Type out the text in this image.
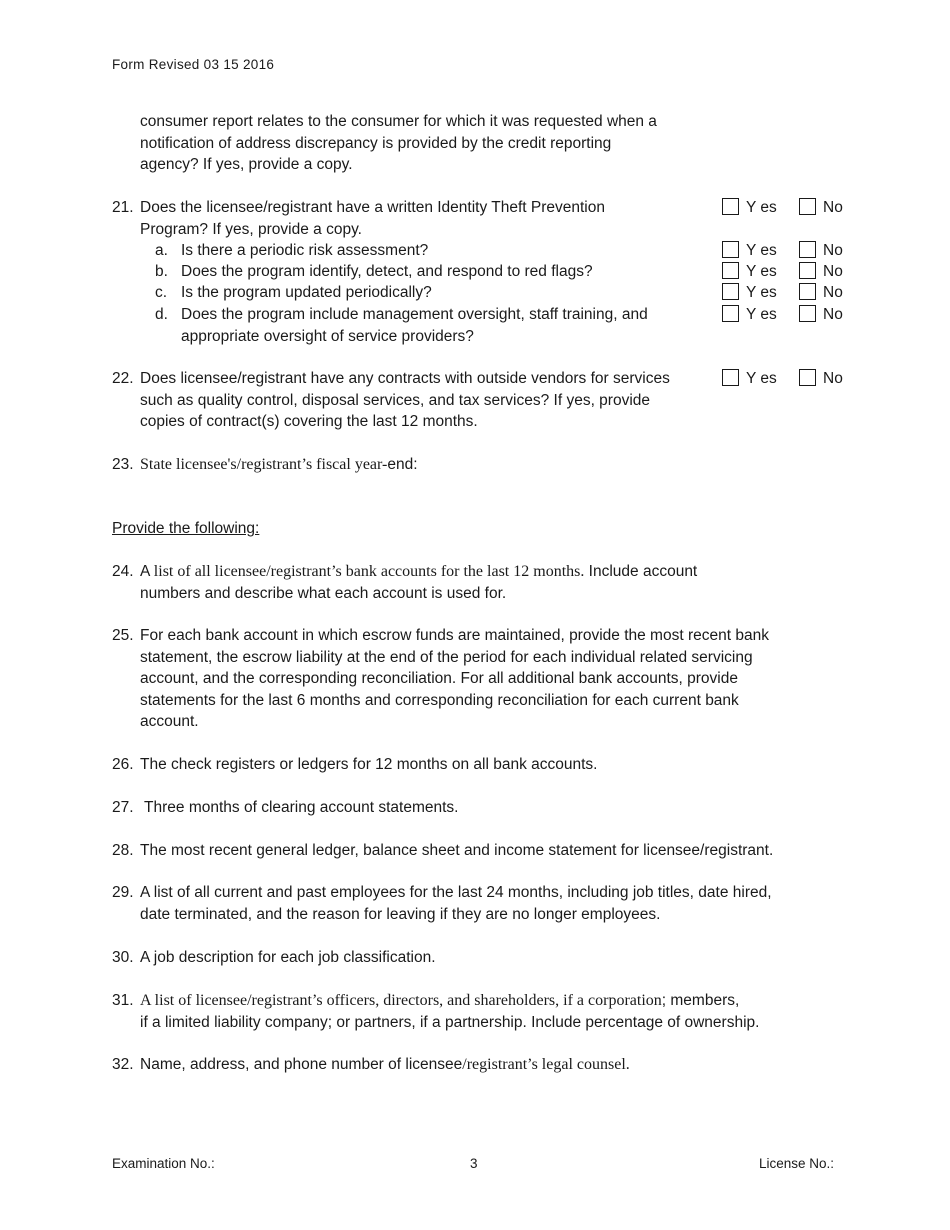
Form Revised 03 15 2016
consumer report relates to the consumer for which it was requested when a
notification of address discrepancy is provided by the credit reporting
agency? If yes, provide a copy.
21. Does the licensee/registrant have a written Identity Theft Prevention
Program? If yes, provide a copy.
Y es	No
a. Is there a periodic risk assessment?	Y es	No
b. Does the program identify, detect, and respond to red flags?	Y es	No
c. Is the program updated periodically?	Y es	No
d. Does the program include management oversight, staff training, and
appropriate oversight of service providers?
Y es	No
22. Does licensee/registrant have any contracts with outside vendors for services
such as quality control, disposal services, and tax services? If yes, provide
copies of contract(s) covering the last 12 months.
Y es	No
23. State licensee's/registrant’s fiscal year-end:
Provide the following:
24. A list of all licensee/registrant’s bank accounts for the last 12 months. Include account
numbers and describe what each account is used for.
25. For each bank account in which escrow funds are maintained, provide the most recent bank
statement, the escrow liability at the end of the period for each individual related servicing
account, and the corresponding reconciliation. For all additional bank accounts, provide
statements for the last 6 months and corresponding reconciliation for each current bank
account.
26. The check registers or ledgers for 12 months on all bank accounts.
27. Three months of clearing account statements.
28. The most recent general ledger, balance sheet and income statement for licensee/registrant.
29. A list of all current and past employees for the last 24 months, including job titles, date hired,
date terminated, and the reason for leaving if they are no longer employees.
30. A job description for each job classification.
31. A list of licensee/registrant’s officers, directors, and shareholders, if a corporation; members,
if a limited liability company; or partners, if a partnership. Include percentage of ownership.
32. Name, address, and phone number of licensee/registrant’s legal counsel.
Examination No.:	3	License No.:
